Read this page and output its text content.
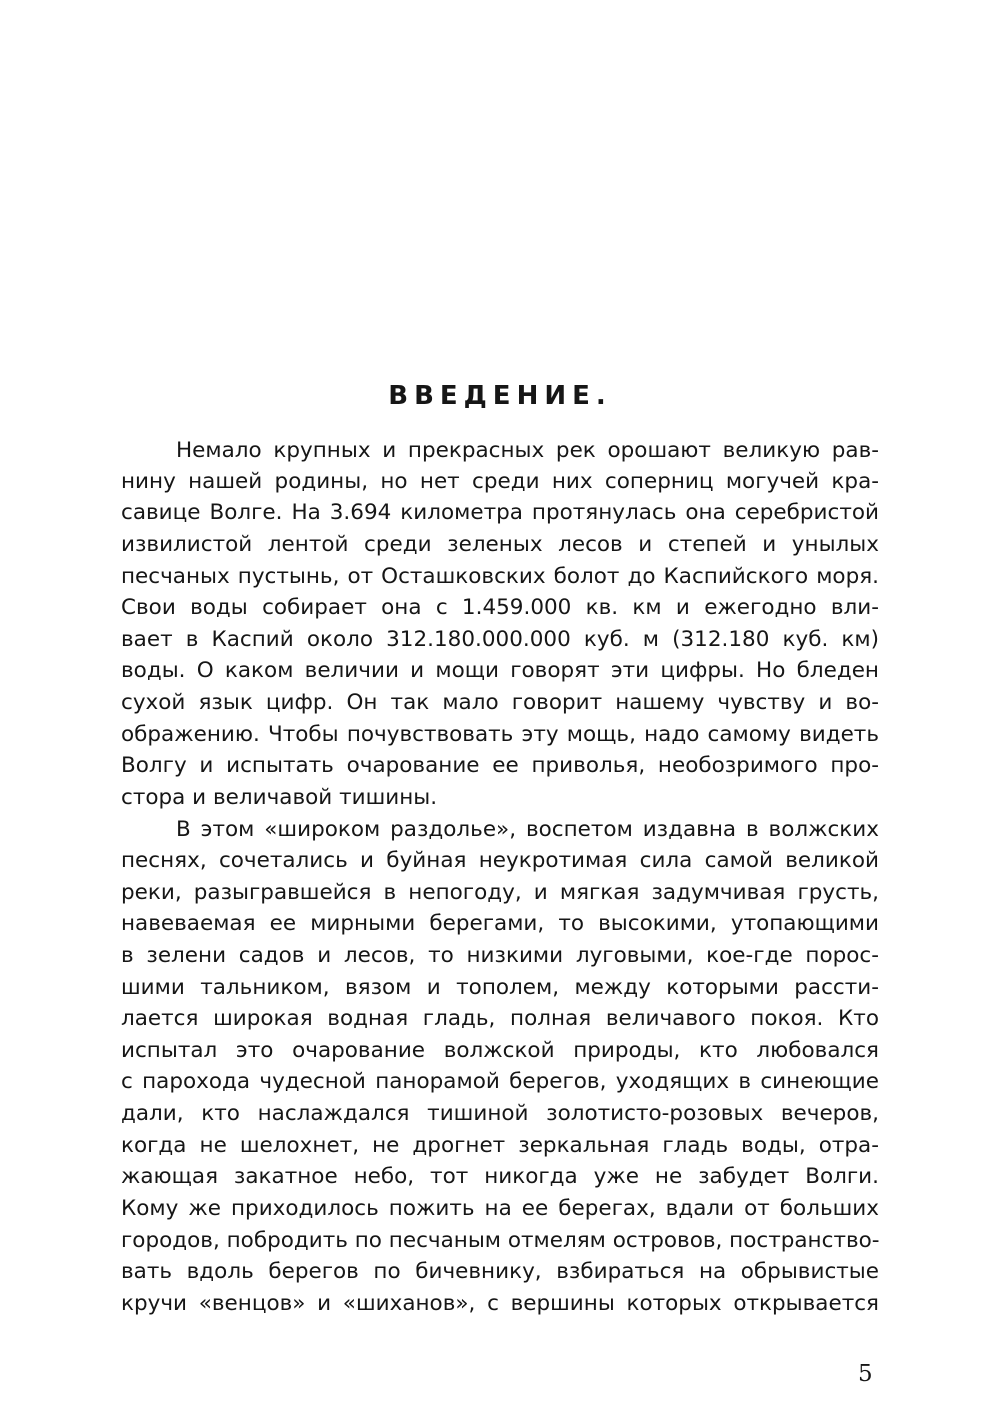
ВВЕДЕНИЕ.
Немало крупных и прекрасных рек орошают великую рав-
нину нашей родины, но нет среди них соперниц могучей кра-
савице Волге. На 3.694 километра протянулась она серебристой
извилистой лентой среди зеленых лесов и степей и унылых
песчаных пустынь, от Осташковских болот до Каспийского моря.
Свои воды собирает она с 1.459.000 кв. км и ежегодно вли-
вает в Каспий около 312.180.000.000 куб. м (312.180 куб. км)
воды. О каком величии и мощи говорят эти цифры. Но бледен
сухой язык цифр. Он так мало говорит нашему чувству и во-
ображению. Чтобы почувствовать эту мощь, надо самому видеть
Волгу и испытать очарование ее приволья, необозримого про-
стора и величавой тишины.
В этом «широком раздолье», воспетом издавна в волжских
песнях, сочетались и буйная неукротимая сила самой великой
реки, разыгравшейся в непогоду, и мягкая задумчивая грусть,
навеваемая ее мирными берегами, то высокими, утопающими
в зелени садов и лесов, то низкими луговыми, кое-где порос-
шими тальником, вязом и тополем, между которыми рассти-
лается широкая водная гладь, полная величавого покоя. Кто
испытал это очарование волжской природы, кто любовался
с парохода чудесной панорамой берегов, уходящих в синеющие
дали, кто наслаждался тишиной золотисто-розовых вечеров,
когда не шелохнет, не дрогнет зеркальная гладь воды, отра-
жающая закатное небо, тот никогда уже не забудет Волги.
Кому же приходилось пожить на ее берегах, вдали от больших
городов, побродить по песчаным отмелям островов, постранство-
вать вдоль берегов по бичевнику, взбираться на обрывистые
кручи «венцов» и «шиханов», с вершины которых открывается
5
